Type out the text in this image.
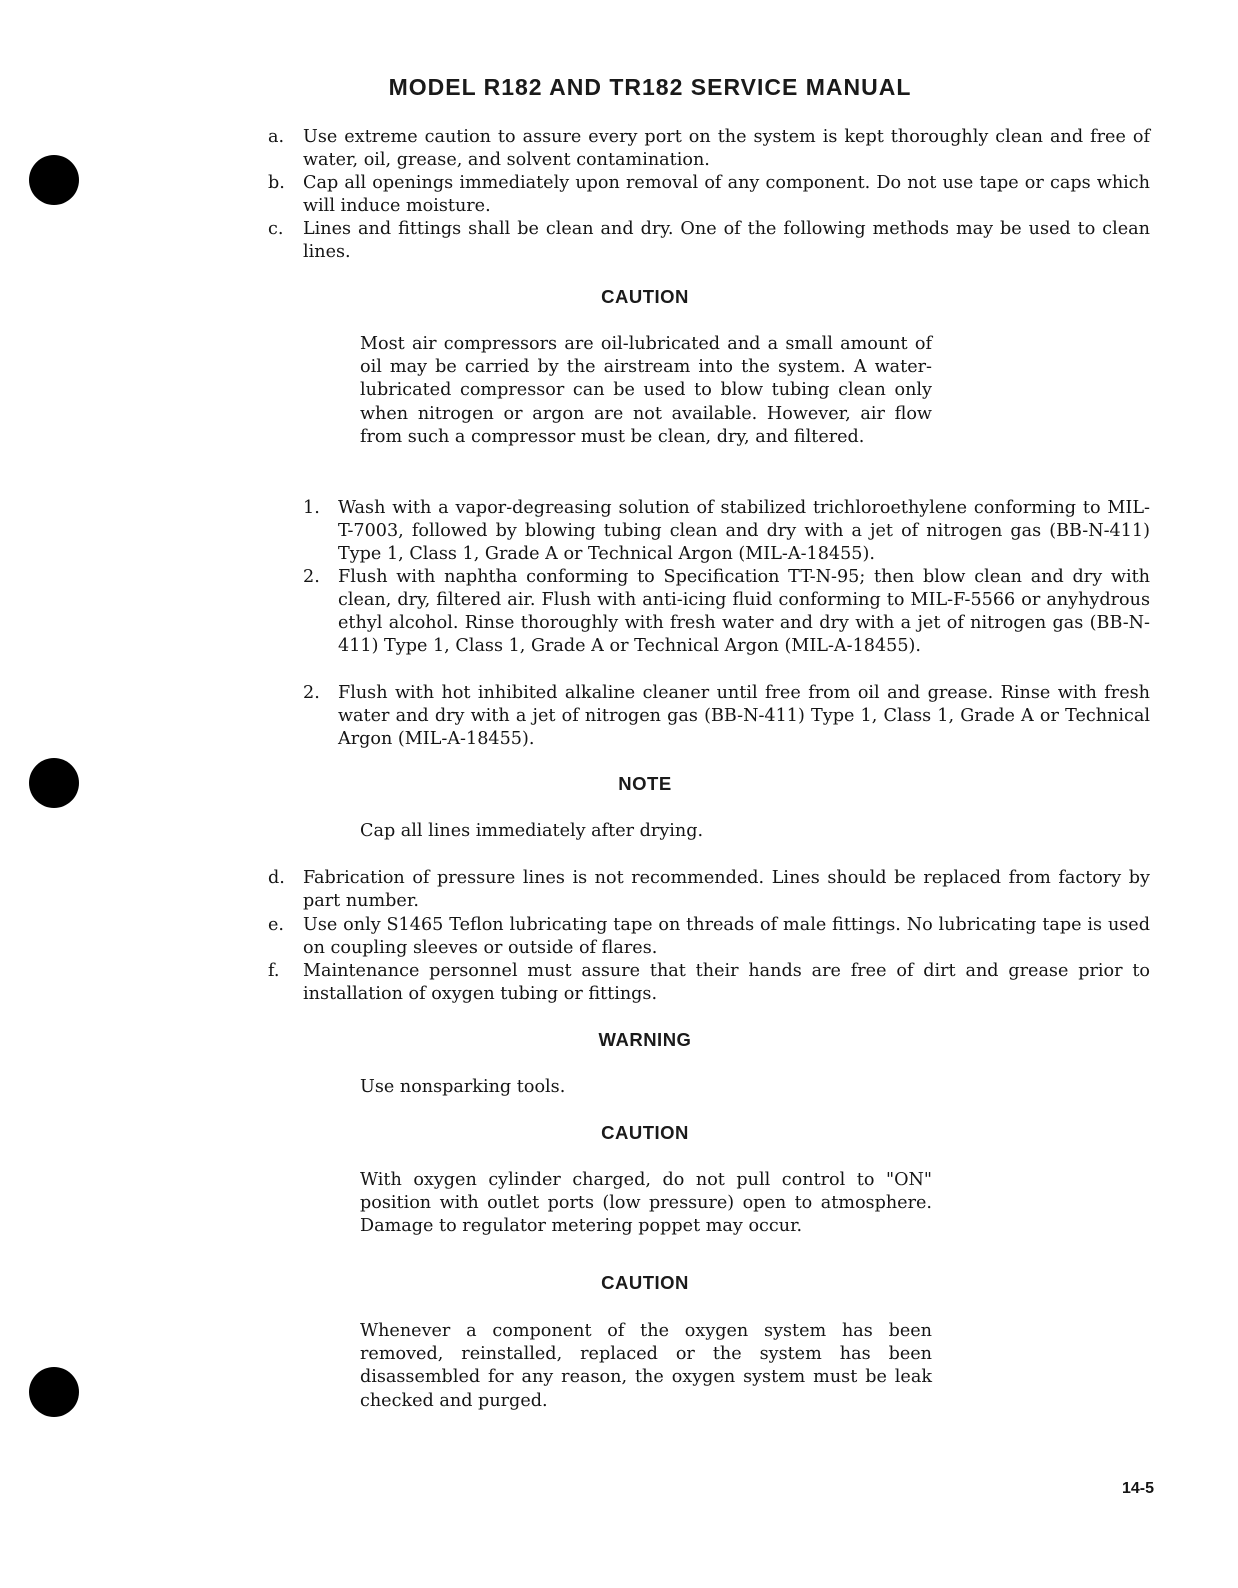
MODEL R182 AND TR182 SERVICE MANUAL
a. Use extreme caution to assure every port on the system is kept thoroughly clean and free of water, oil, grease, and solvent contamination.
b. Cap all openings immediately upon removal of any component. Do not use tape or caps which will induce moisture.
c. Lines and fittings shall be clean and dry. One of the following methods may be used to clean lines.
CAUTION
Most air compressors are oil-lubricated and a small amount of oil may be carried by the airstream into the system. A water-lubricated compressor can be used to blow tubing clean only when nitrogen or argon are not available. However, air flow from such a compressor must be clean, dry, and filtered.
1. Wash with a vapor-degreasing solution of stabilized trichloroethylene conforming to MIL-T-7003, followed by blowing tubing clean and dry with a jet of nitrogen gas (BB-N-411) Type 1, Class 1, Grade A or Technical Argon (MIL-A-18455).
2. Flush with naphtha conforming to Specification TT-N-95; then blow clean and dry with clean, dry, filtered air. Flush with anti-icing fluid conforming to MIL-F-5566 or anyhydrous ethyl alcohol. Rinse thoroughly with fresh water and dry with a jet of nitrogen gas (BB-N-411) Type 1, Class 1, Grade A or Technical Argon (MIL-A-18455).
2. Flush with hot inhibited alkaline cleaner until free from oil and grease. Rinse with fresh water and dry with a jet of nitrogen gas (BB-N-411) Type 1, Class 1, Grade A or Technical Argon (MIL-A-18455).
NOTE
Cap all lines immediately after drying.
d. Fabrication of pressure lines is not recommended. Lines should be replaced from factory by part number.
e. Use only S1465 Teflon lubricating tape on threads of male fittings. No lubricating tape is used on coupling sleeves or outside of flares.
f. Maintenance personnel must assure that their hands are free of dirt and grease prior to installation of oxygen tubing or fittings.
WARNING
Use nonsparking tools.
CAUTION
With oxygen cylinder charged, do not pull control to "ON" position with outlet ports (low pressure) open to atmosphere. Damage to regulator metering poppet may occur.
CAUTION
Whenever a component of the oxygen system has been removed, reinstalled, replaced or the system has been disassembled for any reason, the oxygen system must be leak checked and purged.
14-5
